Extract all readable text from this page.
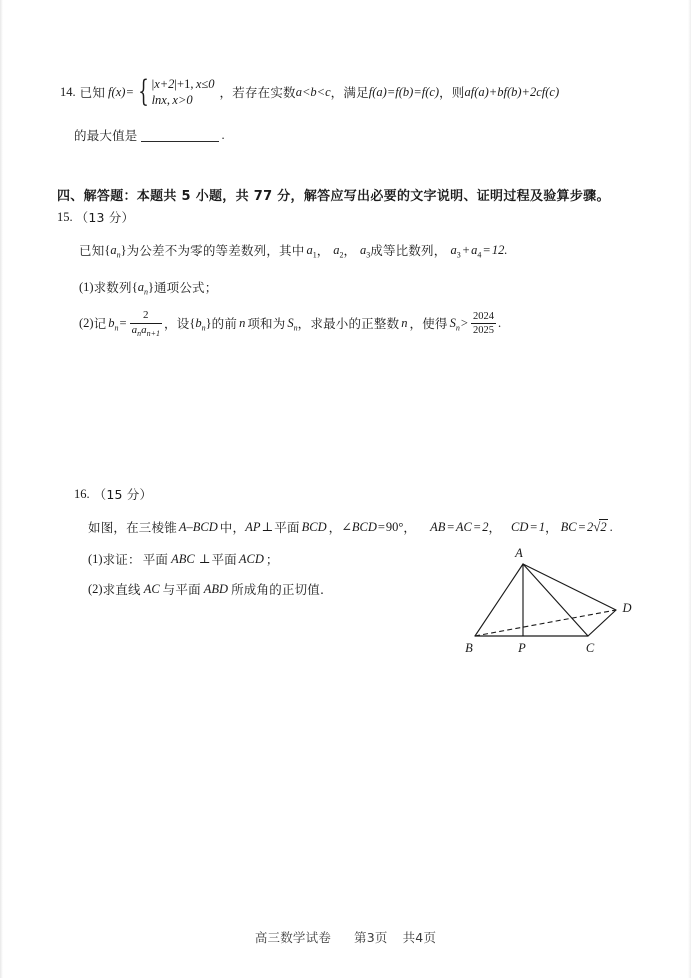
14. 已知 f(x) = { |x+2|+1,  x≤0
lnx,  x>0	，若存在实数 a<b<c ，满足 f(a)=f(b)=f(c) ，则 af(a)+bf(b)+2cf(c)
的最大值是	.
四、解答题：本题共 5 小题，共 77 分，解答应写出必要的文字说明、证明过程及验算步骤。
15. （13 分）
已知 $\{a_n\}$ 为公差不为零的等差数列，其中 $a_1$ ， $a_2$ ， $a_3$ 成等比数列， $a_3+a_4=12$.
(1) 求数列 $\{a_n\}$ 通项公式；
(2) 记 $b_n = \frac{2}{a_na_{n+1}}$ ，设 $\{b_n\}$ 的前 n 项和为 $S_n$ ，求最小的正整数 n ，使得 $S_n > \frac{2024}{2025}$ .
16. （15 分）
如图，在三棱锥 A–BCD 中， AP ⊥ 平面 BCD ， ∠ BCD = 90° ， AB=AC=2 ， CD=1 ， BC=2 √ 2 .
(1) 求证： 平面 ABC ⊥ 平面 ACD ；
(2) 求直线 AC 与平面 ABD 所成角的正切值.
A
B	P	C
D
高三数学试卷 第3页 共4页
